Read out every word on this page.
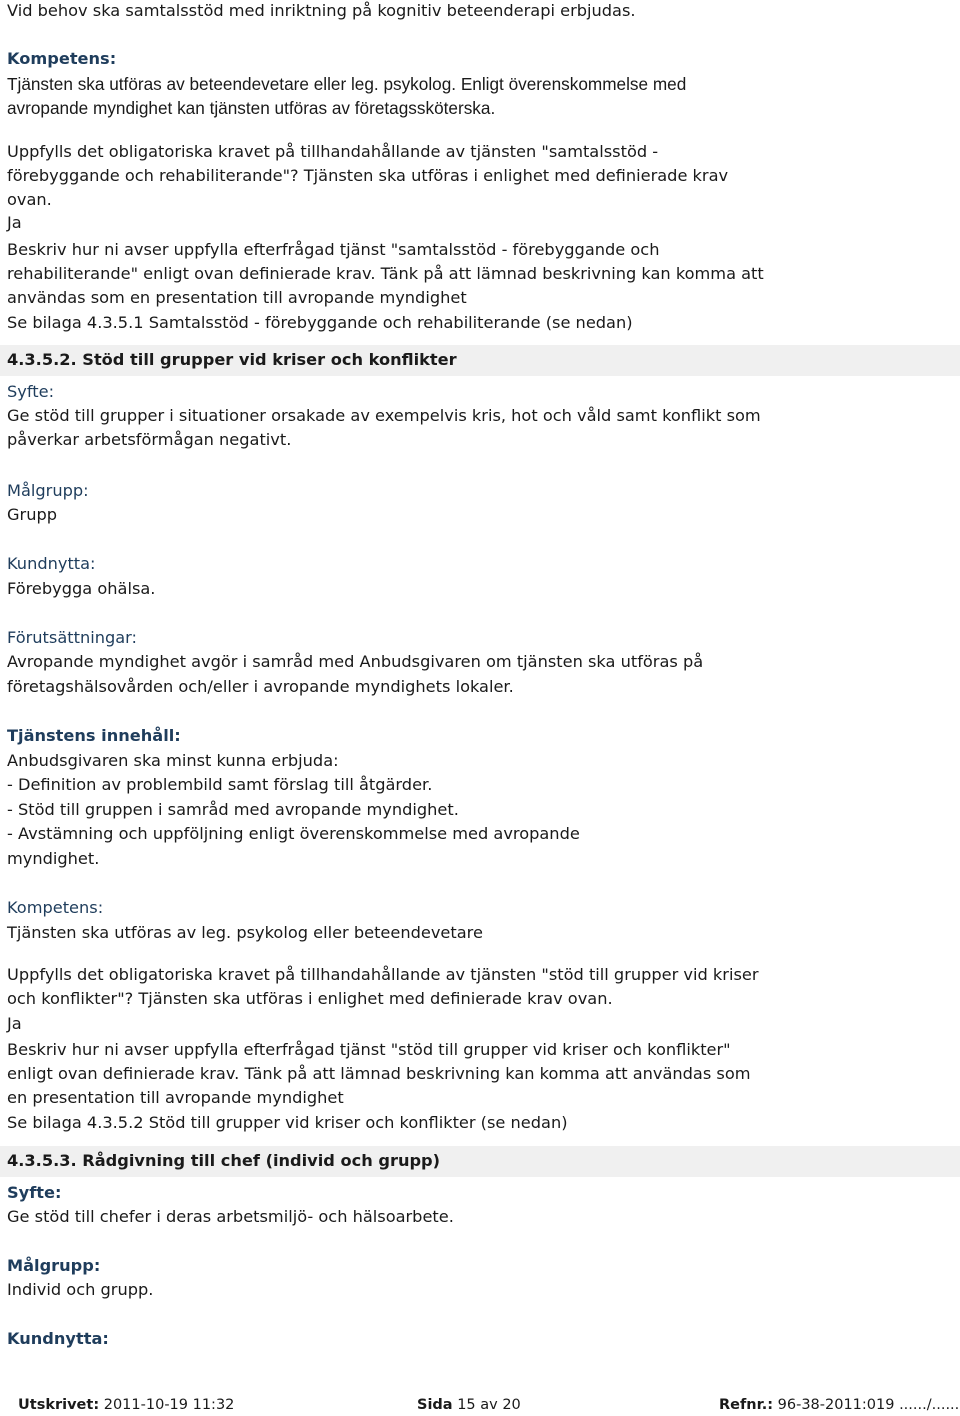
Vid behov ska samtalsstöd med inriktning på kognitiv beteenderapi erbjudas.
Kompetens:
Tjänsten ska utföras av beteendevetare eller leg. psykolog. Enligt överenskommelse med
avropande myndighet kan tjänsten utföras av företagssköterska.
Uppfylls det obligatoriska kravet på tillhandahållande av tjänsten "samtalsstöd -
förebyggande och rehabiliterande"? Tjänsten ska utföras i enlighet med definierade krav
ovan.
Ja
Beskriv hur ni avser uppfylla efterfrågad tjänst "samtalsstöd - förebyggande och
rehabiliterande" enligt ovan definierade krav. Tänk på att lämnad beskrivning kan komma att
användas som en presentation till avropande myndighet
Se bilaga 4.3.5.1 Samtalsstöd - förebyggande och rehabiliterande (se nedan)
4.3.5.2. Stöd till grupper vid kriser och konflikter
Syfte:
Ge stöd till grupper i situationer orsakade av exempelvis kris, hot och våld samt konflikt som
påverkar arbetsförmågan negativt.
Målgrupp:
Grupp
Kundnytta:
Förebygga ohälsa.
Förutsättningar:
Avropande myndighet avgör i samråd med Anbudsgivaren om tjänsten ska utföras på
företagshälsovården och/eller i avropande myndighets lokaler.
Tjänstens innehåll:
Anbudsgivaren ska minst kunna erbjuda:
- Definition av problembild samt förslag till åtgärder.
- Stöd till gruppen i samråd med avropande myndighet.
- Avstämning och uppföljning enligt överenskommelse med avropande
myndighet.
Kompetens:
Tjänsten ska utföras av leg. psykolog eller beteendevetare
Uppfylls det obligatoriska kravet på tillhandahållande av tjänsten "stöd till grupper vid kriser
och konflikter"? Tjänsten ska utföras i enlighet med definierade krav ovan.
Ja
Beskriv hur ni avser uppfylla efterfrågad tjänst "stöd till grupper vid kriser och konflikter"
enligt ovan definierade krav. Tänk på att lämnad beskrivning kan komma att användas som
en presentation till avropande myndighet
Se bilaga 4.3.5.2 Stöd till grupper vid kriser och konflikter (se nedan)
4.3.5.3. Rådgivning till chef (individ och grupp)
Syfte:
Ge stöd till chefer i deras arbetsmiljö- och hälsoarbete.
Målgrupp:
Individ och grupp.
Kundnytta:
Utskrivet: 2011-10-19 11:32	Sida 15 av 20	Refnr.: 96-38-2011:019 ....../......
